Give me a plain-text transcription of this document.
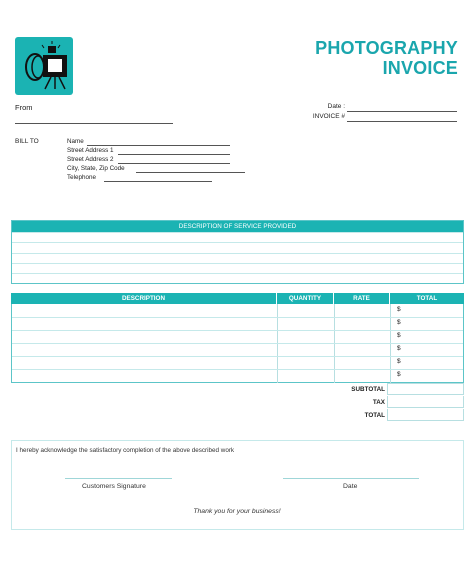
PHOTOGRAPHY
INVOICE
From	Date :
INVOICE #
BILL TO	Name
Street Address 1
Street Address 2
City, State, Zip Code
Telephone
DESCRIPTION OF SERVICE PROVIDED
DESCRIPTION	QUANTITY	RATE	TOTAL
$
$
$
$
$
$
SUBTOTAL
TAX
TOTAL
I hereby acknowledge the satisfactory completion of the above described work
Customers Signature	Date
Thank you for your business!
